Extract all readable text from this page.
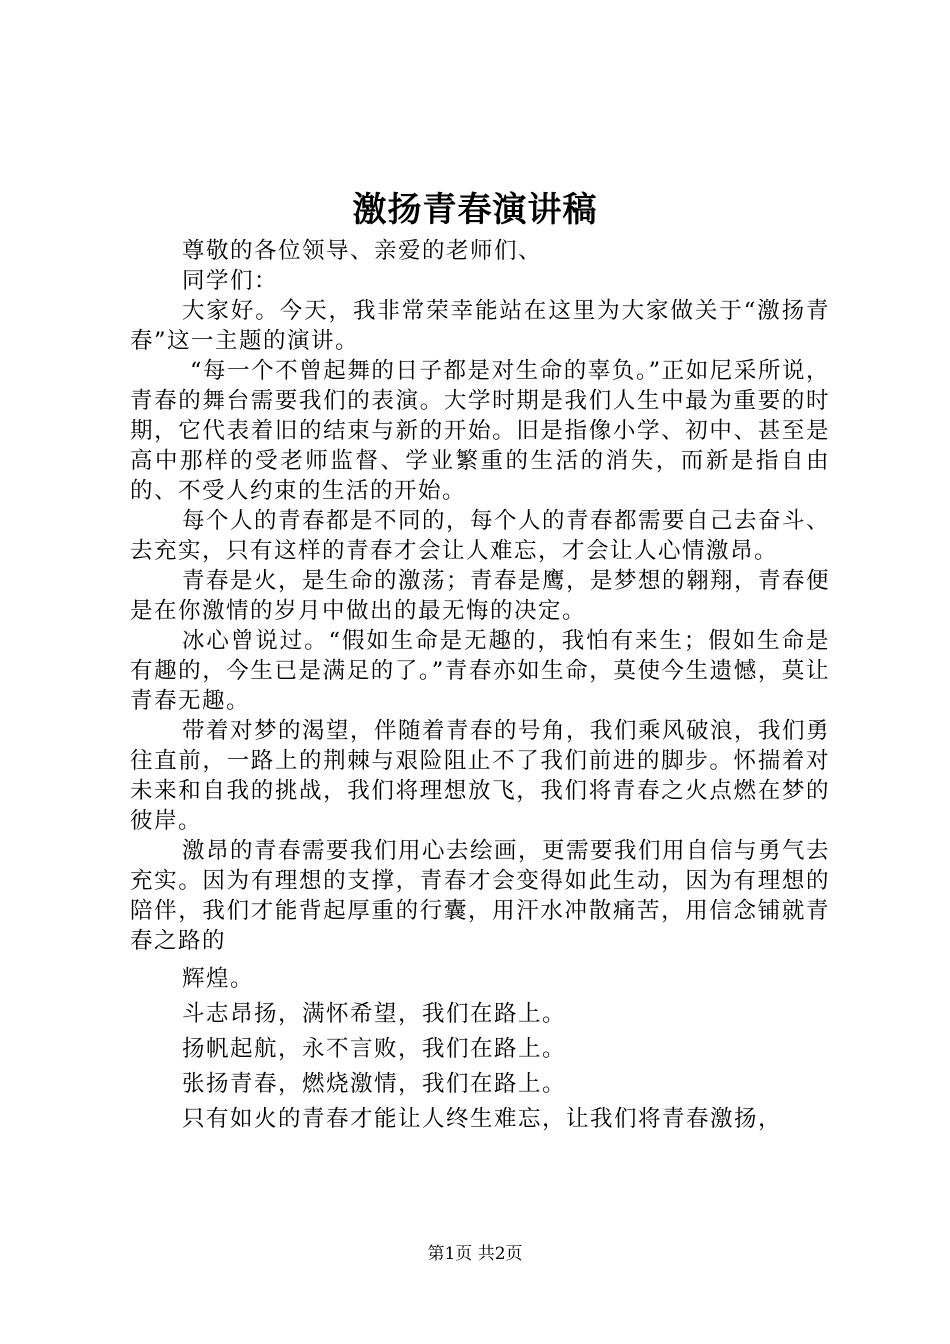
激扬青春演讲稿

尊敬的各位领导、亲爱的老师们、

同学们：

大家好。今天，我非常荣幸能站在这里为大家做关于“激扬青春”这一主题的演讲。

“每一个不曾起舞的日子都是对生命的辜负。”正如尼采所说，青春的舞台需要我们的表演。大学时期是我们人生中最为重要的时期，它代表着旧的结束与新的开始。旧是指像小学、初中、甚至是高中那样的受老师监督、学业繁重的生活的消失，而新是指自由的、不受人约束的生活的开始。

每个人的青春都是不同的，每个人的青春都需要自己去奋斗、去充实，只有这样的青春才会让人难忘，才会让人心情激昂。

青春是火，是生命的激荡；青春是鹰，是梦想的翱翔，青春便是在你激情的岁月中做出的最无悔的决定。

冰心曾说过。“假如生命是无趣的，我怕有来生；假如生命是有趣的，今生已是满足的了。”青春亦如生命，莫使今生遗憾，莫让青春无趣。

带着对梦的渴望，伴随着青春的号角，我们乘风破浪，我们勇往直前，一路上的荆棘与艰险阻止不了我们前进的脚步。怀揣着对未来和自我的挑战，我们将理想放飞，我们将青春之火点燃在梦的彼岸。

激昂的青春需要我们用心去绘画，更需要我们用自信与勇气去充实。因为有理想的支撑，青春才会变得如此生动，因为有理想的陪伴，我们才能背起厚重的行囊，用汗水冲散痛苦，用信念铺就青春之路的

辉煌。

斗志昂扬，满怀希望，我们在路上。

扬帆起航，永不言败，我们在路上。

张扬青春，燃烧激情，我们在路上。

只有如火的青春才能让人终生难忘，让我们将青春激扬，

第1页 共2页
